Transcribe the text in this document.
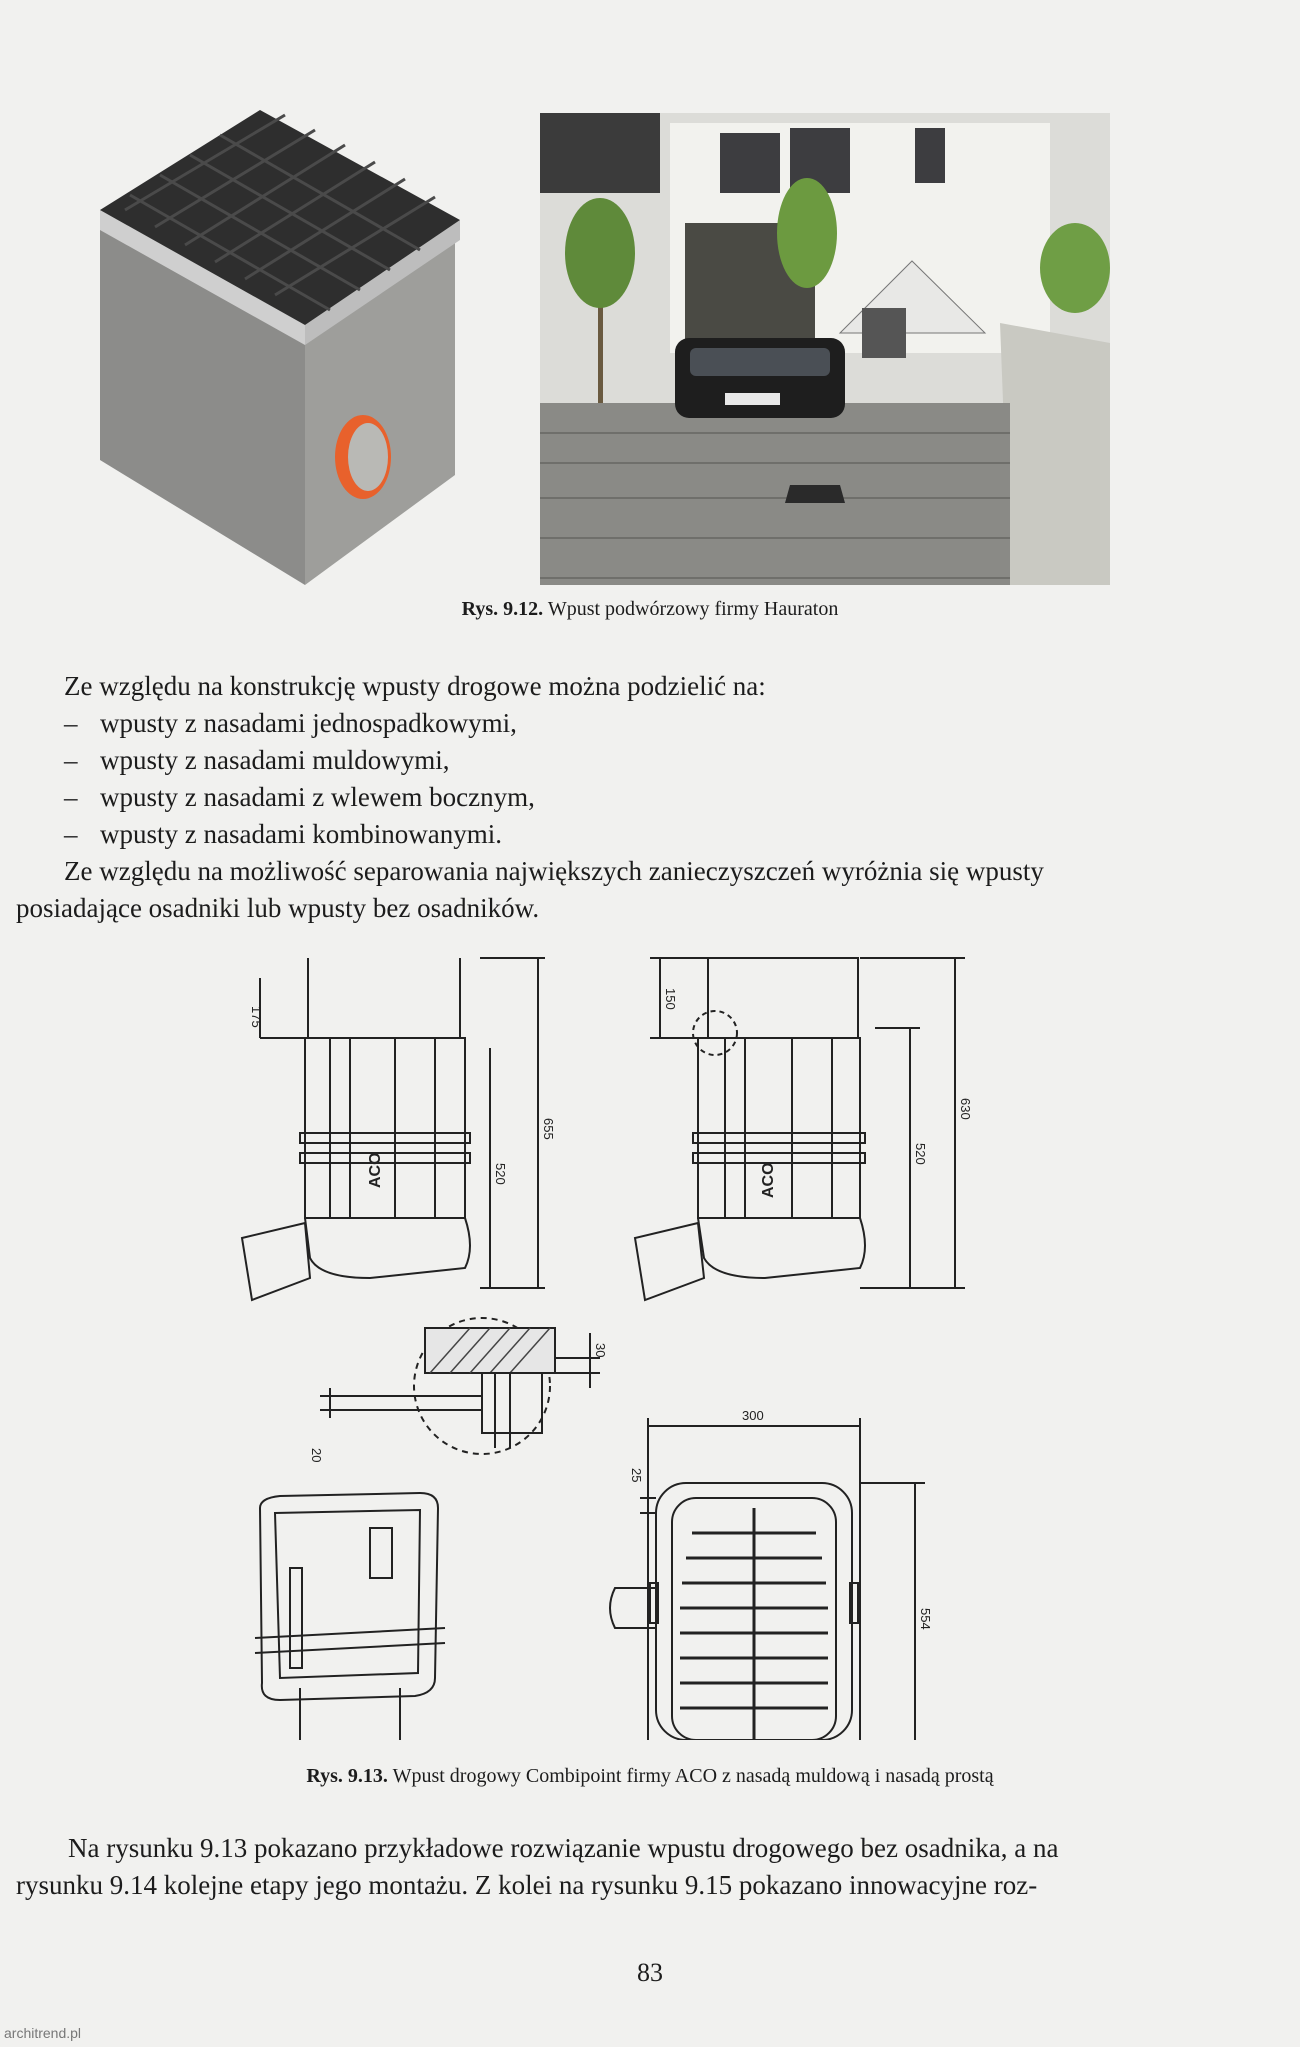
Rys. 9.12. Wpust podwórzowy firmy Hauraton

Ze względu na konstrukcję wpusty drogowe można podzielić na:

– wpusty z nasadami jednospadkowymi,
– wpusty z nasadami muldowymi,
– wpusty z nasadami z wlewem bocznym,
– wpusty z nasadami kombinowanymi.

Ze względu na możliwość separowania największych zanieczyszczeń wyróżnia się wpusty

posiadające osadniki lub wpusty bez osadników.

175
520
655
ACO
150
520
630
ACO
30
20
300
25
554
Rys. 9.13. Wpust drogowy Combipoint firmy ACO z nasadą muldową i nasadą prostą

Na rysunku 9.13 pokazano przykładowe rozwiązanie wpustu drogowego bez osadnika, a na

rysunku 9.14 kolejne etapy jego montażu. Z kolei na rysunku 9.15 pokazano innowacyjne roz-

83
architrend.pl
